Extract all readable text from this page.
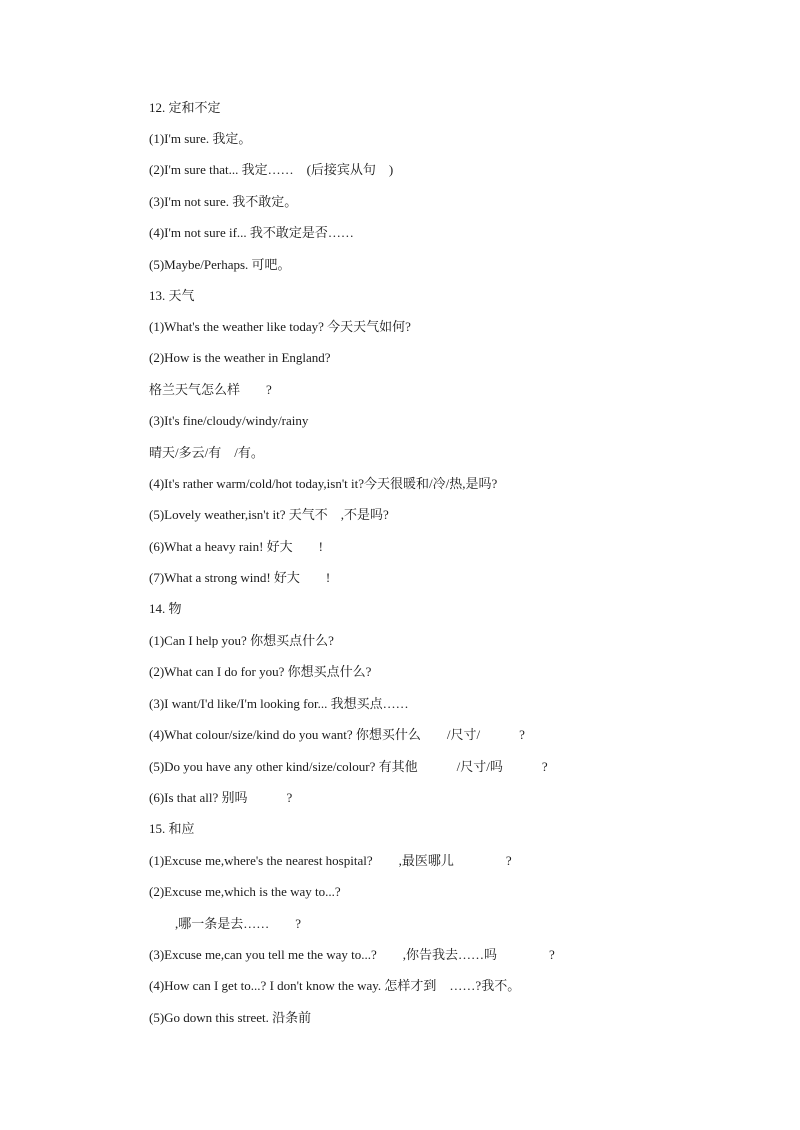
12. 定和不定
(1)I'm sure. 我定。
(2)I'm sure that... 我定……    (后接宾从句    )
(3)I'm not sure. 我不敢定。
(4)I'm not sure if... 我不敢定是否……
(5)Maybe/Perhaps. 可吧。
13. 天气
(1)What's the weather like today? 今天天气如何?
(2)How is the weather in England?
格兰天气怎么样        ?
(3)It's fine/cloudy/windy/rainy
晴天/多云/有    /有。
(4)It's rather warm/cold/hot today,isn't it?今天很暖和/冷/热,是吗?
(5)Lovely weather,isn't it? 天气不    ,不是吗?
(6)What a heavy rain! 好大        !
(7)What a strong wind! 好大        !
14. 物
(1)Can I help you? 你想买点什么?
(2)What can I do for you? 你想买点什么?
(3)I want/I'd like/I'm looking for... 我想买点……
(4)What colour/size/kind do you want? 你想买什么        /尺寸/            ?
(5)Do you have any other kind/size/colour? 有其他            /尺寸/吗            ?
(6)Is that all? 别吗            ?
15. 和应
(1)Excuse me,where's the nearest hospital?        ,最医哪儿                ?
(2)Excuse me,which is the way to...?
,哪一条是去……        ?
(3)Excuse me,can you tell me the way to...?        ,你告我去……吗                ?
(4)How can I get to...? I don't know the way. 怎样才到    ……?我不。
(5)Go down this street. 沿条前
